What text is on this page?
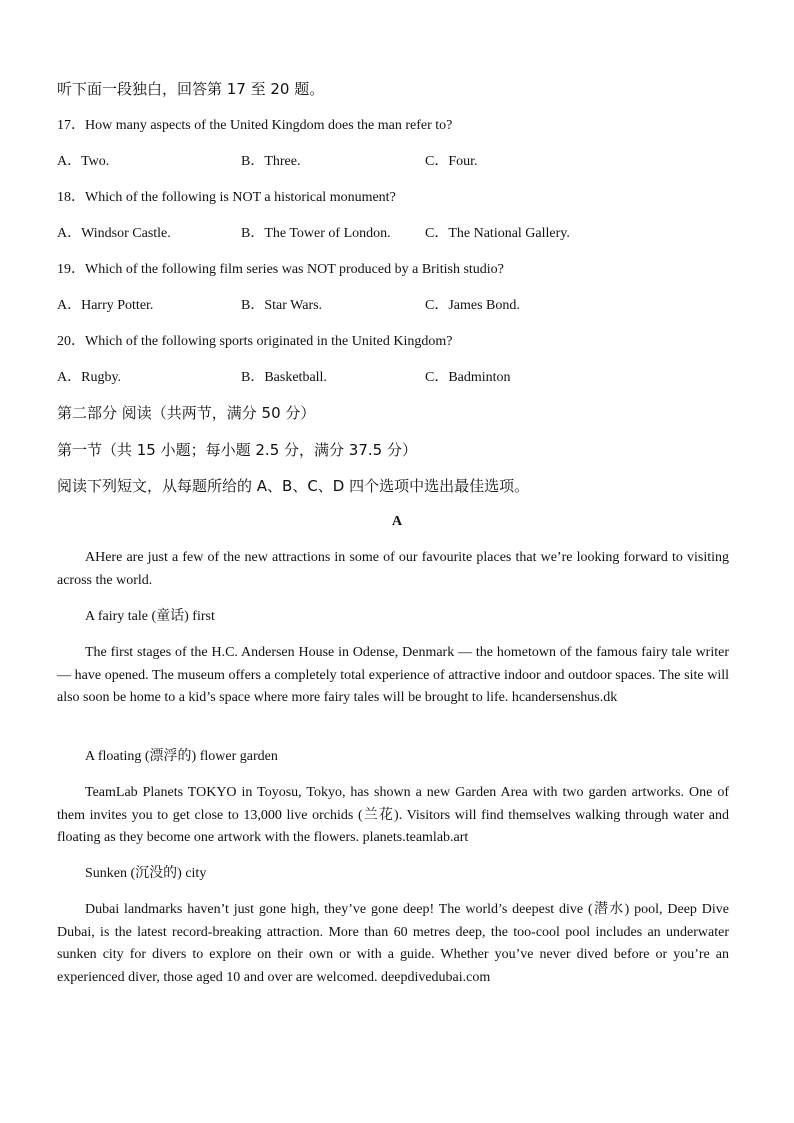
听下面一段独白，回答第 17 至 20 题。
17．How many aspects of the United Kingdom does the man refer to?
A．Two.	B．Three.	C．Four.
18．Which of the following is NOT a historical monument?
A．Windsor Castle.	B．The Tower of London. C．The National Gallery.
19．Which of the following film series was NOT produced by a British studio?
A．Harry Potter.	B．Star Wars.	C．James Bond.
20．Which of the following sports originated in the United Kingdom?
A．Rugby.	B．Basketball.	C．Badminton
第二部分 阅读（共两节，满分 50 分）
第一节（共 15 小题；每小题 2.5 分，满分 37.5 分）
阅读下列短文，从每题所给的 A、B、C、D 四个选项中选出最佳选项。
A
AHere are just a few of the new attractions in some of our favourite places that we’re looking forward to visiting across the world.
A fairy tale (童话) first
The first stages of the H.C. Andersen House in Odense, Denmark — the hometown of the famous fairy tale writer — have opened. The museum offers a completely total experience of attractive indoor and outdoor spaces. The site will also soon be home to a kid’s space where more fairy tales will be brought to life. hcandersenshus.dk
A floating (漂浮的) flower garden
TeamLab Planets TOKYO in Toyosu, Tokyo, has shown a new Garden Area with two garden artworks. One of them invites you to get close to 13,000 live orchids (兰花). Visitors will find themselves walking through water and floating as they become one artwork with the flowers. planets.teamlab.art
Sunken (沉没的) city
Dubai landmarks haven’t just gone high, they’ve gone deep! The world’s deepest dive (潜水) pool, Deep Dive Dubai, is the latest record-breaking attraction. More than 60 metres deep, the too-cool pool includes an underwater sunken city for divers to explore on their own or with a guide. Whether you’ve never dived before or you’re an experienced diver, those aged 10 and over are welcomed. deepdivedubai.com
